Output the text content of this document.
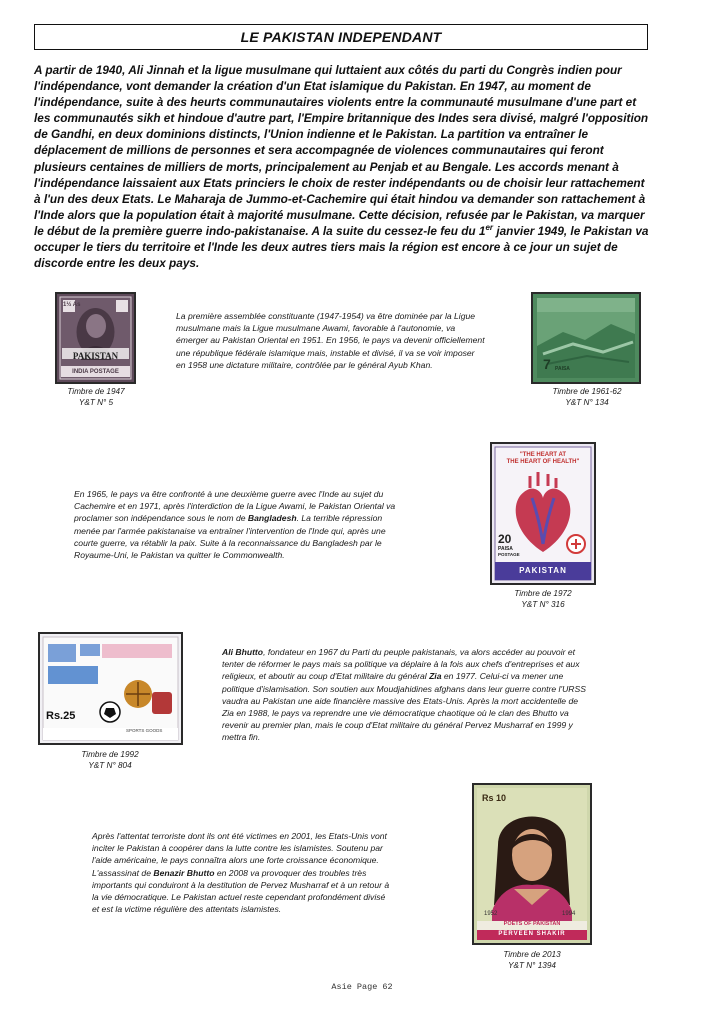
LE PAKISTAN INDEPENDANT

A partir de 1940, Ali Jinnah et la ligue musulmane qui luttaient aux côtés du parti du Congrès indien pour l'indépendance, vont demander la création d'un Etat islamique du Pakistan. En 1947, au moment de l'indépendance, suite à des heurts communautaires violents entre la communauté musulmane d'une part et les communautés sikh et hindoue d'autre part, l'Empire britannique des Indes sera divisé, malgré l'opposition de Gandhi, en deux dominions distincts, l'Union indienne et le Pakistan. La partition va entraîner le déplacement de millions de personnes et sera accompagnée de violences communautaires qui feront plusieurs centaines de milliers de morts, principalement au Penjab et au Bengale. Les accords menant à l'indépendance laissaient aux Etats princiers le choix de rester indépendants ou de choisir leur rattachement à l'un des deux Etats. Le Maharaja de Jummo-et-Cachemire qui était hindou va demander son rattachement à l'Inde alors que la population était à majorité musulmane. Cette décision, refusée par le Pakistan, va marquer le début de la première guerre indo-pakistanaise. A la suite du cessez-le feu du 1er janvier 1949, le Pakistan va occuper le tiers du territoire et l'Inde les deux autres tiers mais la région est encore à ce jour un sujet de discorde entre les deux pays.

1½ As
PAKISTAN
INDIA POSTAGE
Timbre de 1947
Y&T N° 5

La première assemblée constituante (1947-1954) va être dominée par la Ligue musulmane mais la Ligue musulmane Awami, favorable à l'autonomie, va émerger au Pakistan Oriental en 1951. En 1956, le pays va devenir officiellement une république fédérale islamique mais, instable et divisé, il va se voir imposer en 1958 une dictature militaire, contrôlée par le général Ayub Khan.	7 PAISA
Timbre de 1961-62
Y&T N° 134

En 1965, le pays va être confronté à une deuxième guerre avec l'Inde au sujet du Cachemire et en 1971, après l'interdiction de la Ligue Awami, le Pakistan Oriental va proclamer son indépendance sous le nom de Bangladesh. La terrible répression menée par l'armée pakistanaise va entraîner l'intervention de l'Inde qui, après une courte guerre, va rétablir la paix. Suite à la reconnaissance du Bangladesh par le Royaume-Uni, le Pakistan va quitter le Commonwealth.

"THE HEART AT
THE HEART OF HEALTH"
20
PAISA
POSTAGE
PAKISTAN
Timbre de 1972
Y&T N° 316
Rs.25
SPORTS GOODS
Timbre de 1992
Y&T N° 804

Ali Bhutto, fondateur en 1967 du Parti du peuple pakistanais, va alors accéder au pouvoir et tenter de réformer le pays mais sa politique va déplaire à la fois aux chefs d'entreprises et aux religieux, et aboutir au coup d'Etat militaire du général Zia en 1977. Celui-ci va mener une politique d'islamisation. Son soutien aux Moudjahidines afghans dans leur guerre contre l'URSS vaudra au Pakistan une aide financière massive des Etats-Unis. Après la mort accidentelle de Zia en 1988, le pays va reprendre une vie démocratique chaotique où le clan des Bhutto va revenir au premier plan, mais le coup d'Etat militaire du général Pervez Musharraf en 1999 y mettra fin.

Rs 10
1952	1994
POETS OF PAKISTAN
PERVEEN SHAKIR
Timbre de 2013
Y&T N° 1394

Après l'attentat terroriste dont ils ont été victimes en 2001, les Etats-Unis vont inciter le Pakistan à coopérer dans la lutte contre les islamistes. Soutenu par l'aide américaine, le pays connaîtra alors une forte croissance économique. L'assassinat de Benazir Bhutto en 2008 va provoquer des troubles très importants qui conduiront à la destitution de Pervez Musharraf et à un retour à la vie démocratique. Le Pakistan actuel reste cependant profondément divisé et est la victime régulière des attentats islamistes.

Asie Page 62
